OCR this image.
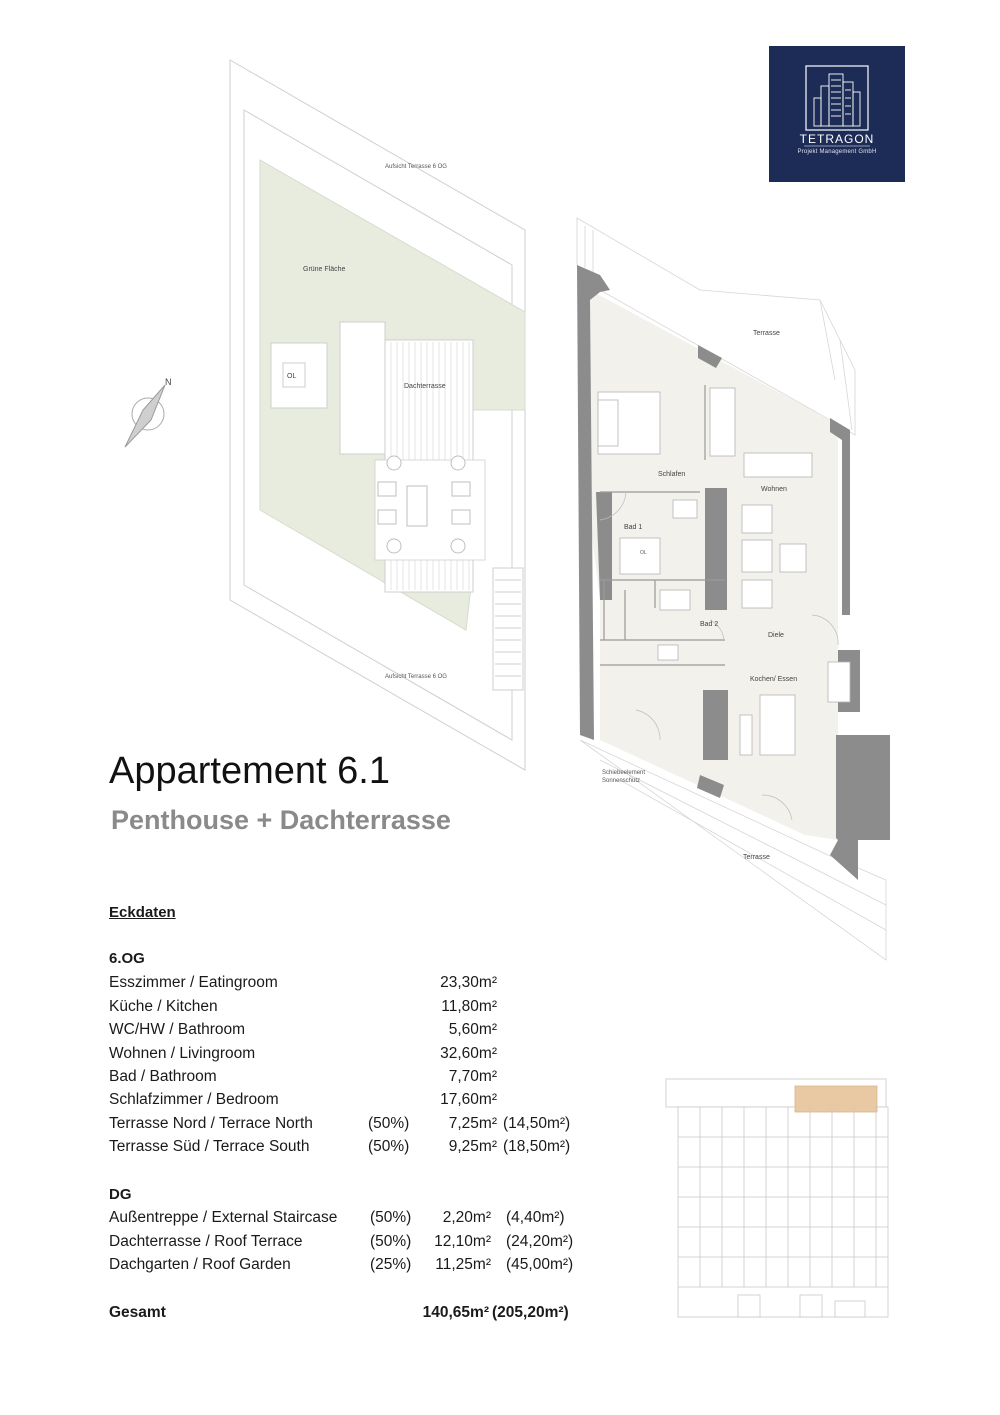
TETRAGON
Projekt Management GmbH
Aufsicht Terrasse 6 OG
Grüne Fläche
OL
Dachterrasse
Aufsicht Terrasse 6 OG
N
Terrasse
Schlafen
Wohnen
Bad 1
OL
Bad 2
Diele
Kochen/ Essen
Schiebeelement
Sonnenschutz
Terrasse
Appartement 6.1
Penthouse + Dachterrasse
Eckdaten
6.OG
Esszimmer / Eatingroom	23,30m²
Küche / Kitchen	11,80m²
WC/HW / Bathroom	5,60m²
Wohnen / Livingroom	32,60m²
Bad / Bathroom	7,70m²
Schlafzimmer / Bedroom	17,60m²
Terrasse Nord / Terrace North	(50%)	7,25m² (14,50m²)
Terrasse Süd / Terrace South	(50%)	9,25m² (18,50m²)
DG
Außentreppe / External Staircase (50%)	2,20m² (4,40m²)
Dachterrasse / Roof Terrace	(50%)	12,10m² (24,20m²)
Dachgarten / Roof Garden	(25%)	11,25m² (45,00m²)
Gesamt	140,65m² (205,20m²)
